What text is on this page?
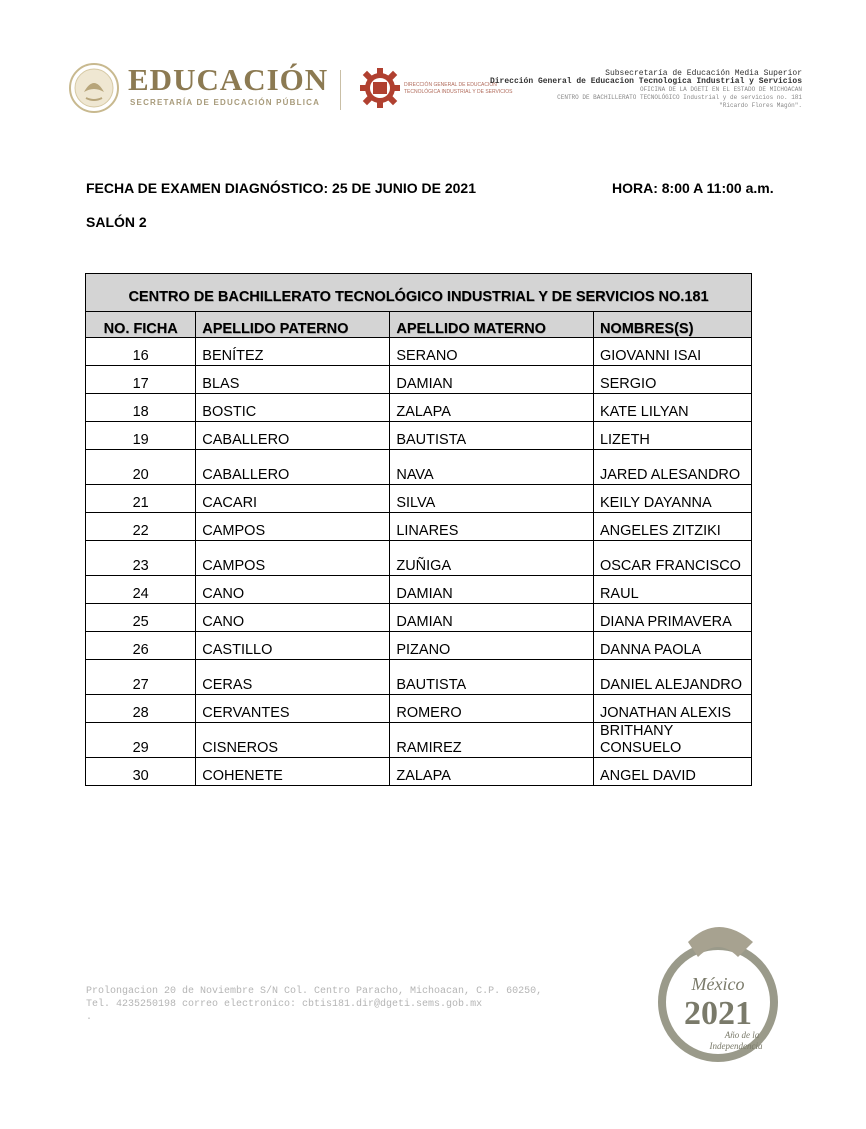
EDUCACIÓN
SECRETARÍA DE EDUCACIÓN PÚBLICA
DIRECCIÓN GENERAL DE EDUCACIÓN
TECNOLÓGICA INDUSTRIAL Y DE SERVICIOS
Subsecretaría de Educación Media Superior
Dirección General de Educacion Tecnologica Industrial y Servicios
OFICINA DE LA DGETI EN EL ESTADO DE MICHOACAN
CENTRO DE BACHILLERATO TECNOLÓGICO Industrial y de servicios no. 181
"Ricardo Flores Magón".
FECHA DE EXAMEN DIAGNÓSTICO: 25 DE JUNIO DE 2021	HORA: 8:00 A 11:00 a.m.
SALÓN 2
CENTRO DE BACHILLERATO TECNOLÓGICO INDUSTRIAL Y DE SERVICIOS NO.181			
NO. FICHA	APELLIDO PATERNO	APELLIDO MATERNO	NOMBRES(S)
16	BENÍTEZ	SERANO	GIOVANNI ISAI
17	BLAS	DAMIAN	SERGIO
18	BOSTIC	ZALAPA	KATE LILYAN
19	CABALLERO	BAUTISTA	LIZETH
20	CABALLERO	NAVA	JARED ALESANDRO
21	CACARI	SILVA	KEILY DAYANNA
22	CAMPOS	LINARES	ANGELES ZITZIKI
23	CAMPOS	ZUÑIGA	OSCAR FRANCISCO
24	CANO	DAMIAN	RAUL
25	CANO	DAMIAN	DIANA PRIMAVERA
26	CASTILLO	PIZANO	DANNA PAOLA
27	CERAS	BAUTISTA	DANIEL ALEJANDRO
28	CERVANTES	ROMERO	JONATHAN ALEXIS
29	CISNEROS	RAMIREZ	BRITHANY CONSUELO
30	COHENETE	ZALAPA	ANGEL DAVID
Prolongacion 20 de Noviembre S/N Col. Centro Paracho, Michoacan, C.P. 60250,
Tel. 4235250198 correo electronico: cbtis181.dir@dgeti.sems.gob.mx
.
México
2021
Año de la
Independencia
